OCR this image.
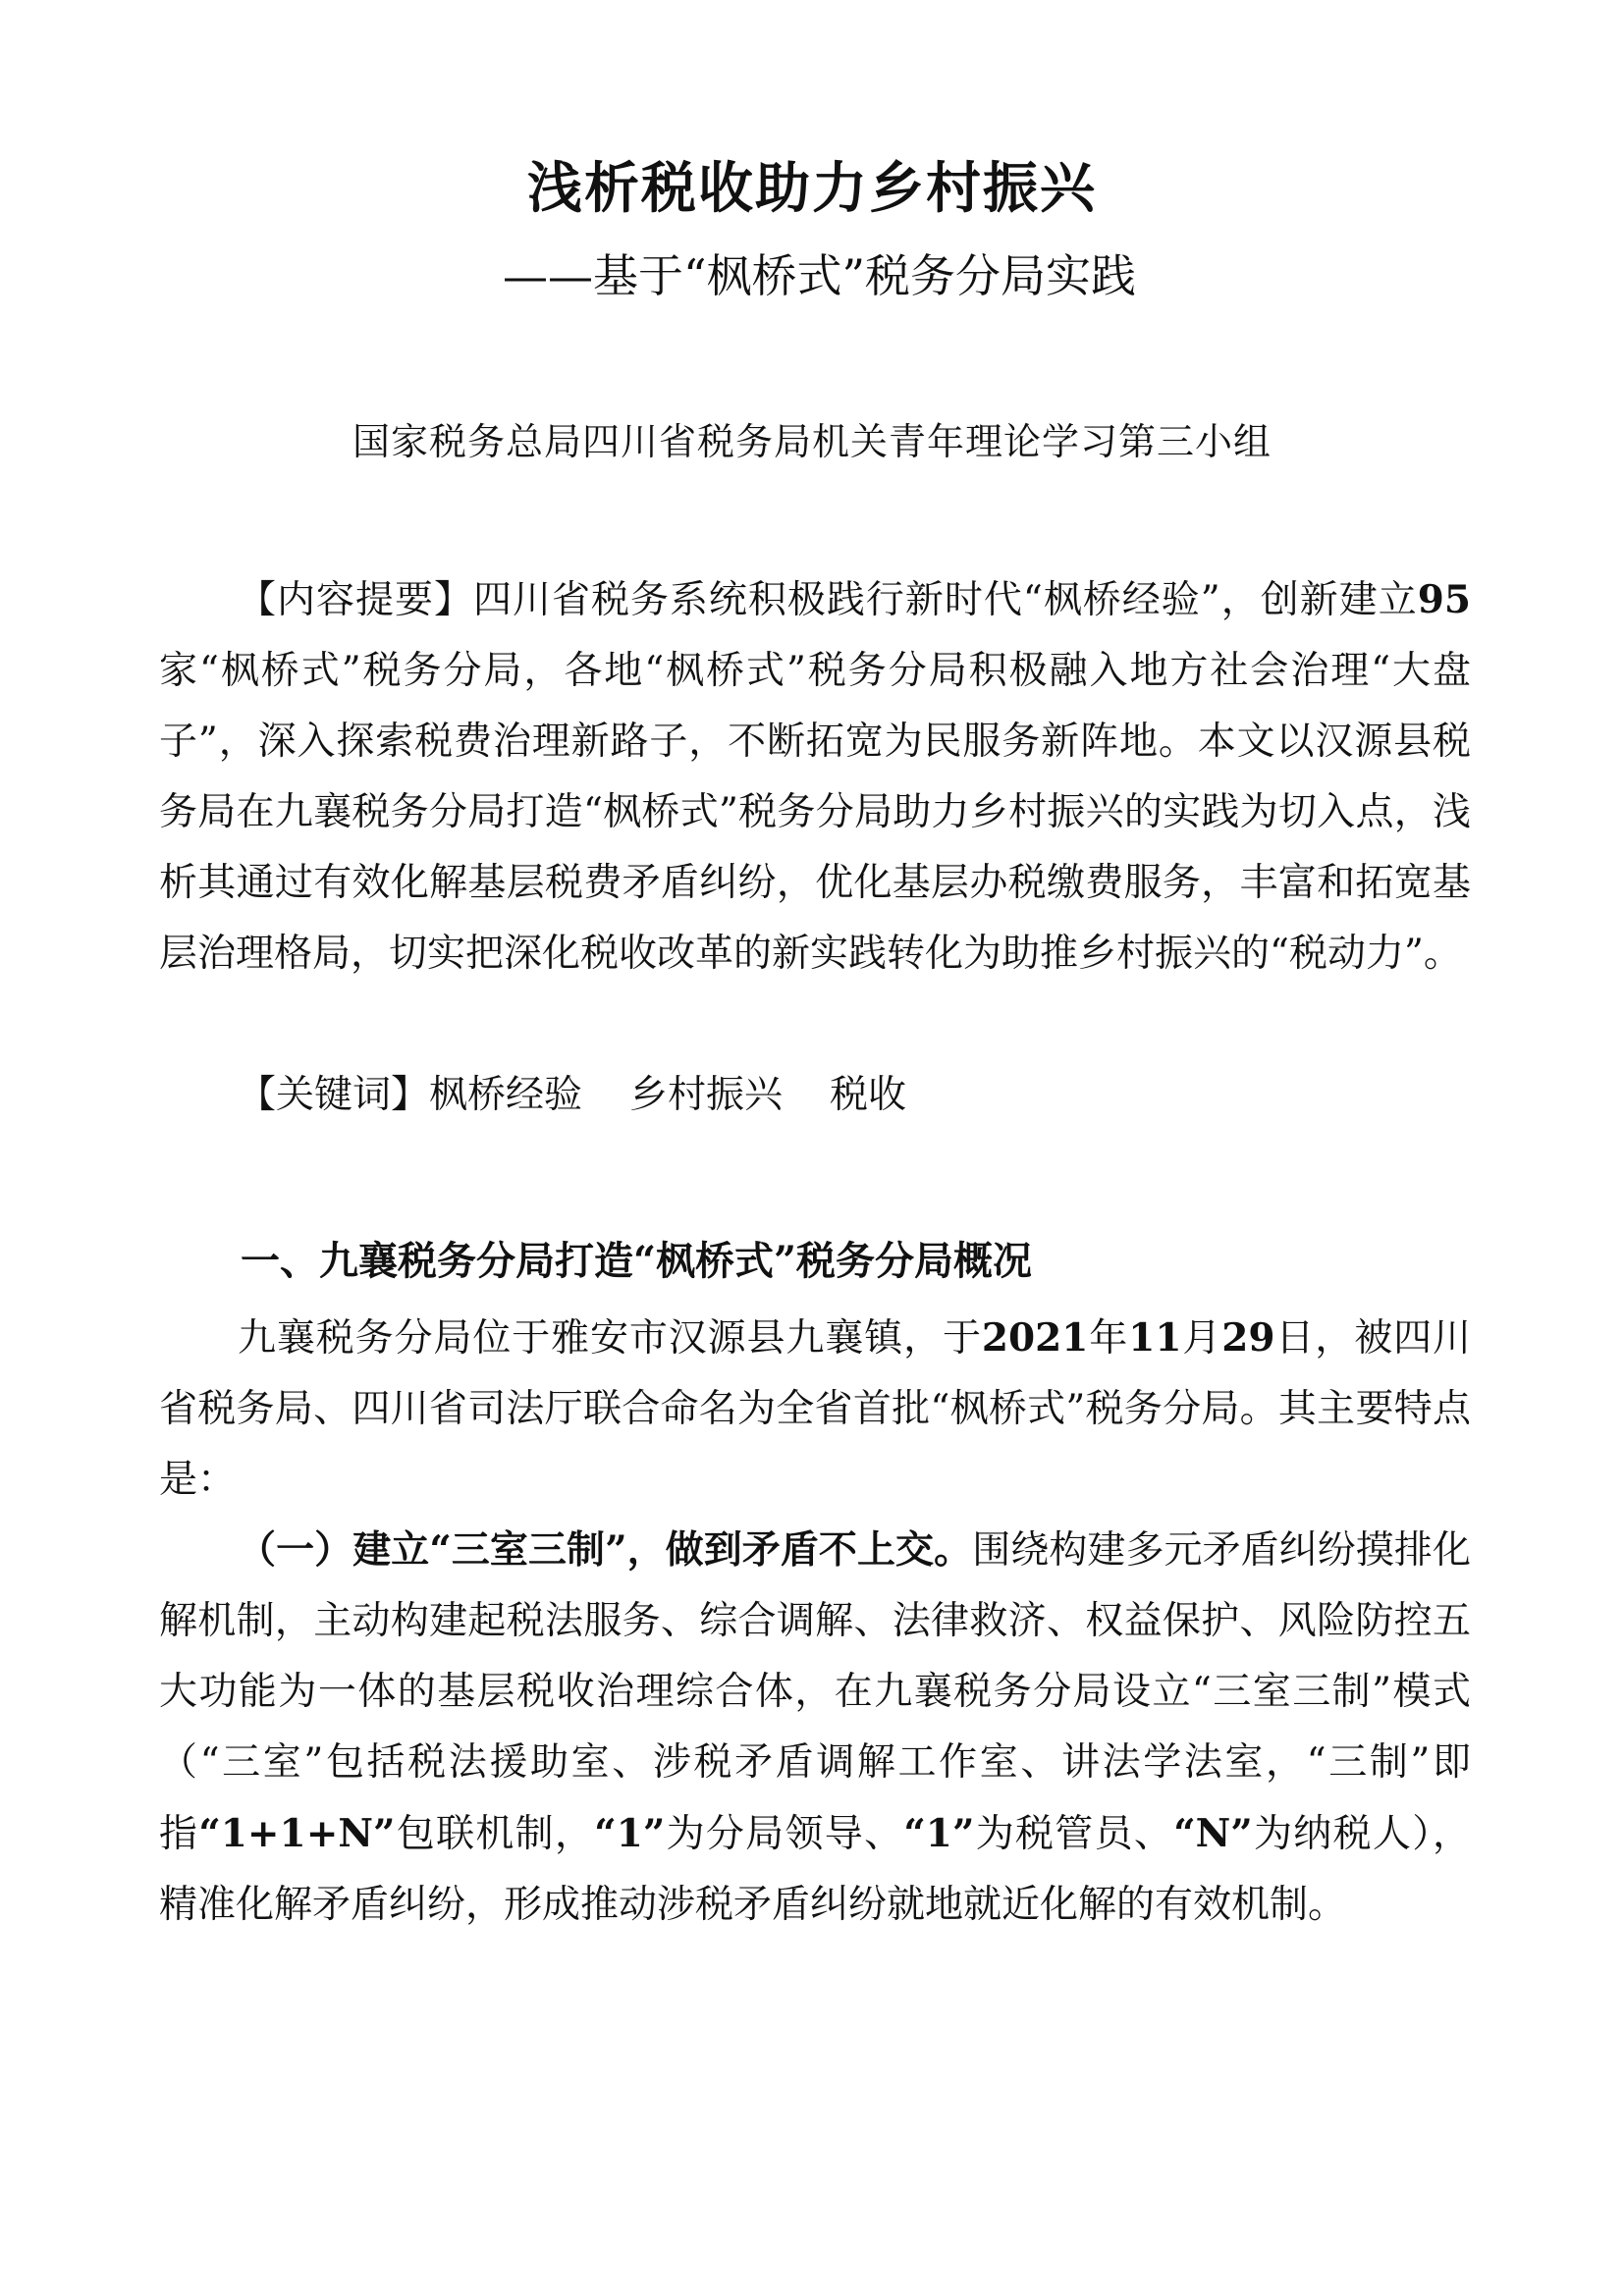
浅析税收助力乡村振兴

——基于“枫桥式”税务分局实践

国家税务总局四川省税务局机关青年理论学习第三小组

【内容提要】四川省税务系统积极践行新时代“枫桥经验”，创新建立95家“枫桥式”税务分局，各地“枫桥式”税务分局积极融入地方社会治理“大盘子”，深入探索税费治理新路子，不断拓宽为民服务新阵地。本文以汉源县税务局在九襄税务分局打造“枫桥式”税务分局助力乡村振兴的实践为切入点，浅析其通过有效化解基层税费矛盾纠纷，优化基层办税缴费服务，丰富和拓宽基层治理格局，切实把深化税收改革的新实践转化为助推乡村振兴的“税动力”。

【关键词】枫桥经验 乡村振兴 税收

一、九襄税务分局打造“枫桥式”税务分局概况

九襄税务分局位于雅安市汉源县九襄镇，于2021年11月29日，被四川省税务局、四川省司法厅联合命名为全省首批“枫桥式”税务分局。其主要特点是：

（一）建立“三室三制”，做到矛盾不上交。围绕构建多元矛盾纠纷摸排化解机制，主动构建起税法服务、综合调解、法律救济、权益保护、风险防控五大功能为一体的基层税收治理综合体，在九襄税务分局设立“三室三制”模式（“三室”包括税法援助室、涉税矛盾调解工作室、讲法学法室，“三制”即指“1+1+N”包联机制，“1”为分局领导、“1”为税管员、“N”为纳税人），精准化解矛盾纠纷，形成推动涉税矛盾纠纷就地就近化解的有效机制。
